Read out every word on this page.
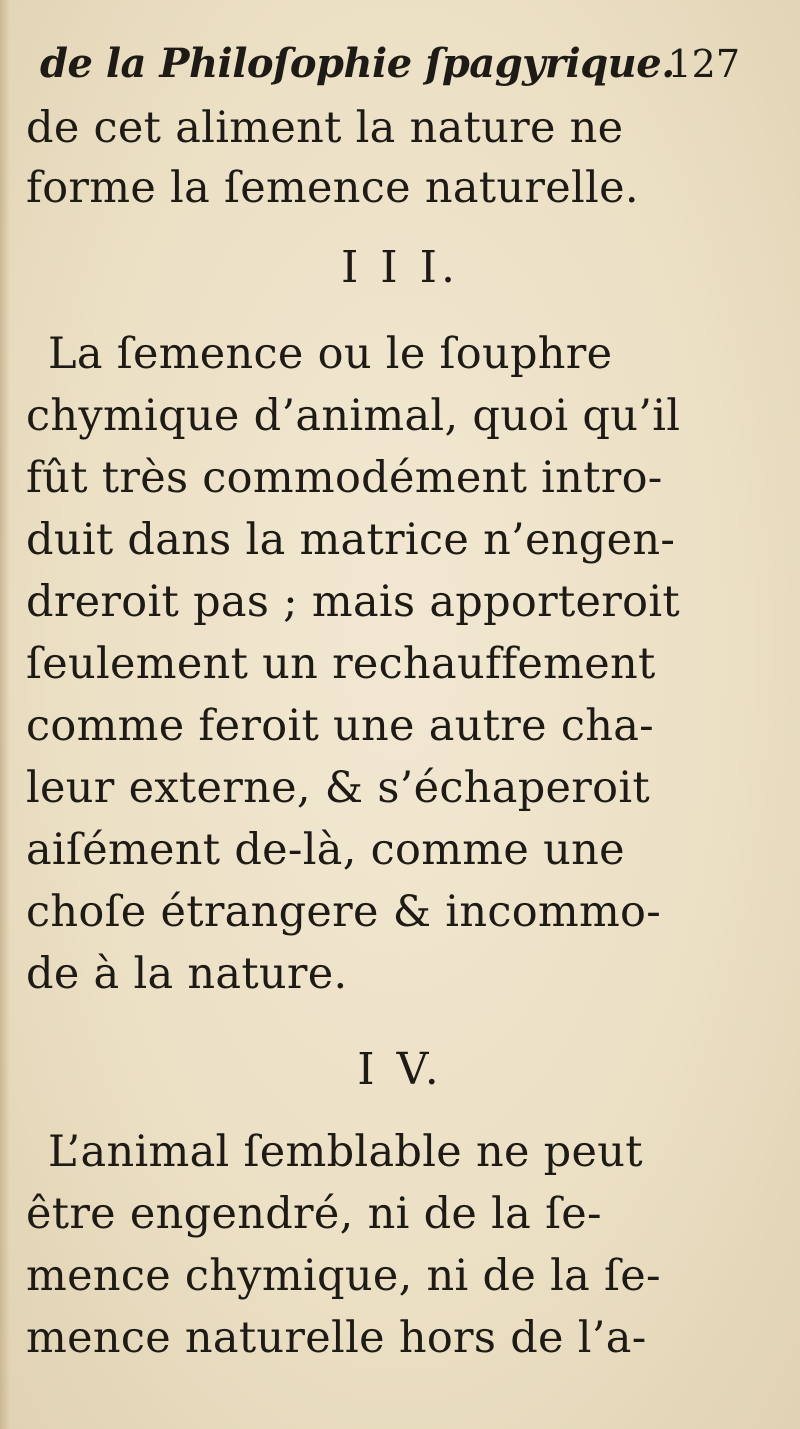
de la Philoſophie ſpagyrique.
127
de cet aliment la nature ne
forme la ſemence naturelle.
I I I.
La ſemence ou le ſouphre
chymique d’animal, quoi qu’il
fût très commodément intro-
duit dans la matrice n’engen-
dreroit pas ; mais apporteroit
ſeulement un rechauffement
comme feroit une autre cha-
leur externe, & s’échaperoit
aiſément de-là, comme une
choſe étrangere & incommo-
de à la nature.
I V.
L’animal ſemblable ne peut
être engendré, ni de la ſe-
mence chymique, ni de la ſe-
mence naturelle hors de l’a-
